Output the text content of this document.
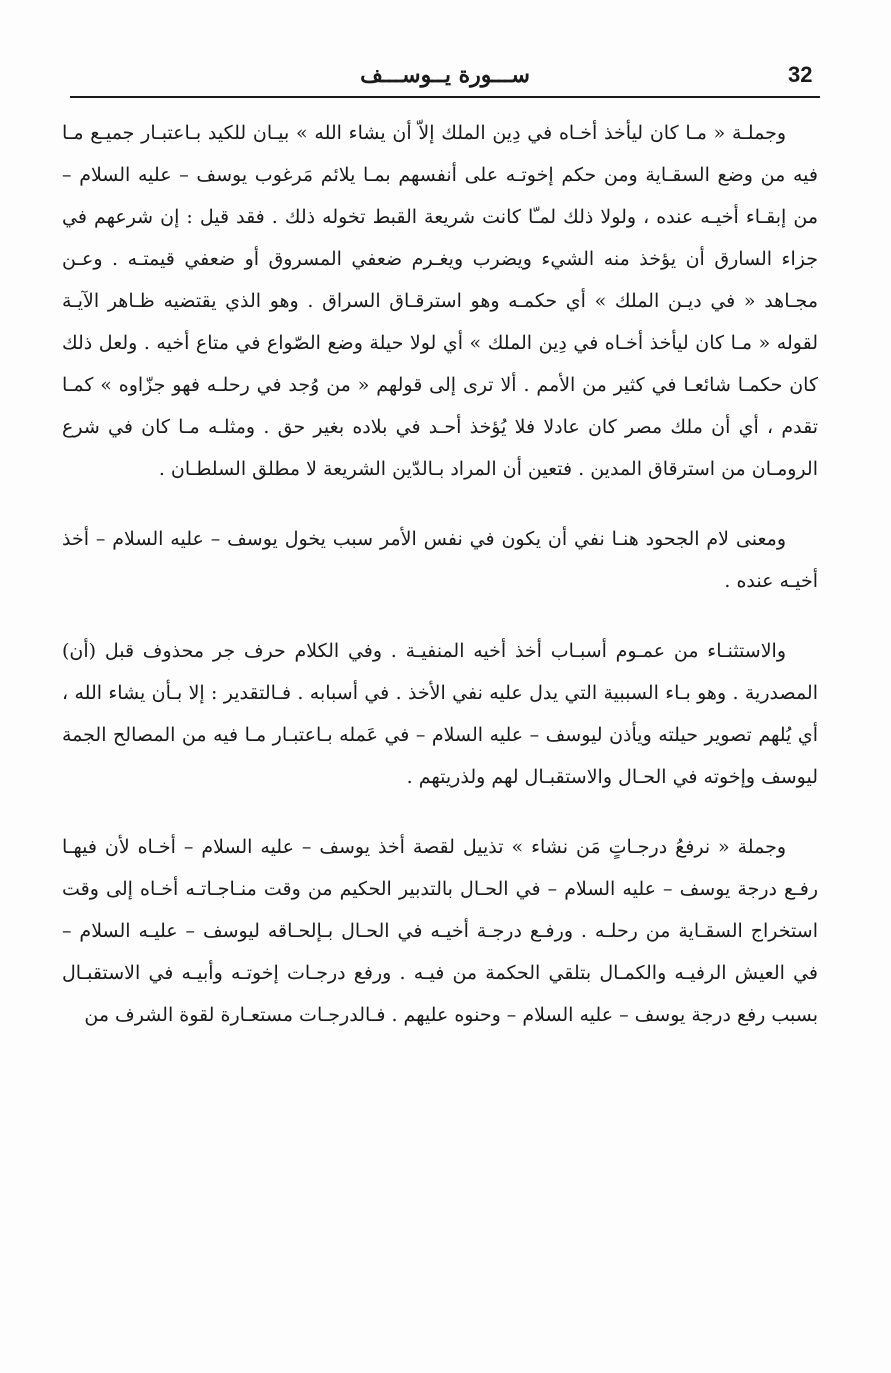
32
ســـورة يــوســـف

وجملـة « مـا كان ليأخذ أخـاه في دِين الملك إلاّ أن يشاء الله » بيـان للكيد بـاعتبـار جميـع مـا فيه من وضع السقـاية ومن حكم إخوتـه على أنفسهم بمـا يلائم مَرغوب يوسف – عليه السلام – من إبقـاء أخيـه عنده ، ولولا ذلك لمـّا كانت شريعة القبط تخوله ذلك . فقد قيل : إن شرعهم في جزاء السارق أن يؤخذ منه الشيء ويضرب ويغـرم ضعفي المسروق أو ضعفي قيمتـه . وعـن مجـاهد « في ديـن الملك » أي حكمـه وهو استرقـاق السراق . وهو الذي يقتضيه ظـاهر الآيـة لقوله « مـا كان ليأخذ أخـاه في دِين الملك » أي لولا حيلة وضع الصّواع في متاع أخيه . ولعل ذلك كان حكمـا شائعـا في كثير من الأمم . ألا ترى إلى قولهم « من وُجد في رحلـه فهو جزّاوه » كمـا تقدم ، أي أن ملك مصر كان عادلا فلا يُؤخذ أحـد في بلاده بغير حق . ومثلـه مـا كان في شرع الرومـان من استرقاق المدين . فتعين أن المراد بـالدّين الشريعة لا مطلق السلطـان .

ومعنى لام الجحود هنـا نفي أن يكون في نفس الأمر سبب يخول يوسف – عليه السلام – أخذ أخيـه عنده .

والاستثنـاء من عمـوم أسبـاب أخذ أخيه المنفيـة . وفي الكلام حرف جر محذوف قبل (أن) المصدرية . وهو بـاء السببية التي يدل عليه نفي الأخذ . في أسبابه . فـالتقدير : إلا بـأن يشاء الله ، أي يُلهم تصوير حيلته ويأذن ليوسف – عليه السلام – في عَمله بـاعتبـار مـا فيه من المصالح الجمة ليوسف وإخوته في الحـال والاستقبـال لهم ولذريتهم .

وجملة « نرفعُ درجـاتٍ مَن نشاء » تذييل لقصة أخذ يوسف – عليه السلام – أخـاه لأن فيهـا رفـع درجة يوسف – عليه السلام – في الحـال بالتدبير الحكيم من وقت منـاجـاتـه أخـاه إلى وقت استخراج السقـاية من رحلـه . ورفـع درجـة أخيـه في الحـال بـإلحـاقه ليوسف – عليـه السلام – في العيش الرفيـه والكمـال بتلقي الحكمة من فيـه . ورفع درجـات إخوتـه وأبيـه في الاستقبـال بسبب رفع درجة يوسف – عليه السلام – وحنوه عليهم . فـالدرجـات مستعـارة لقوة الشرف من
